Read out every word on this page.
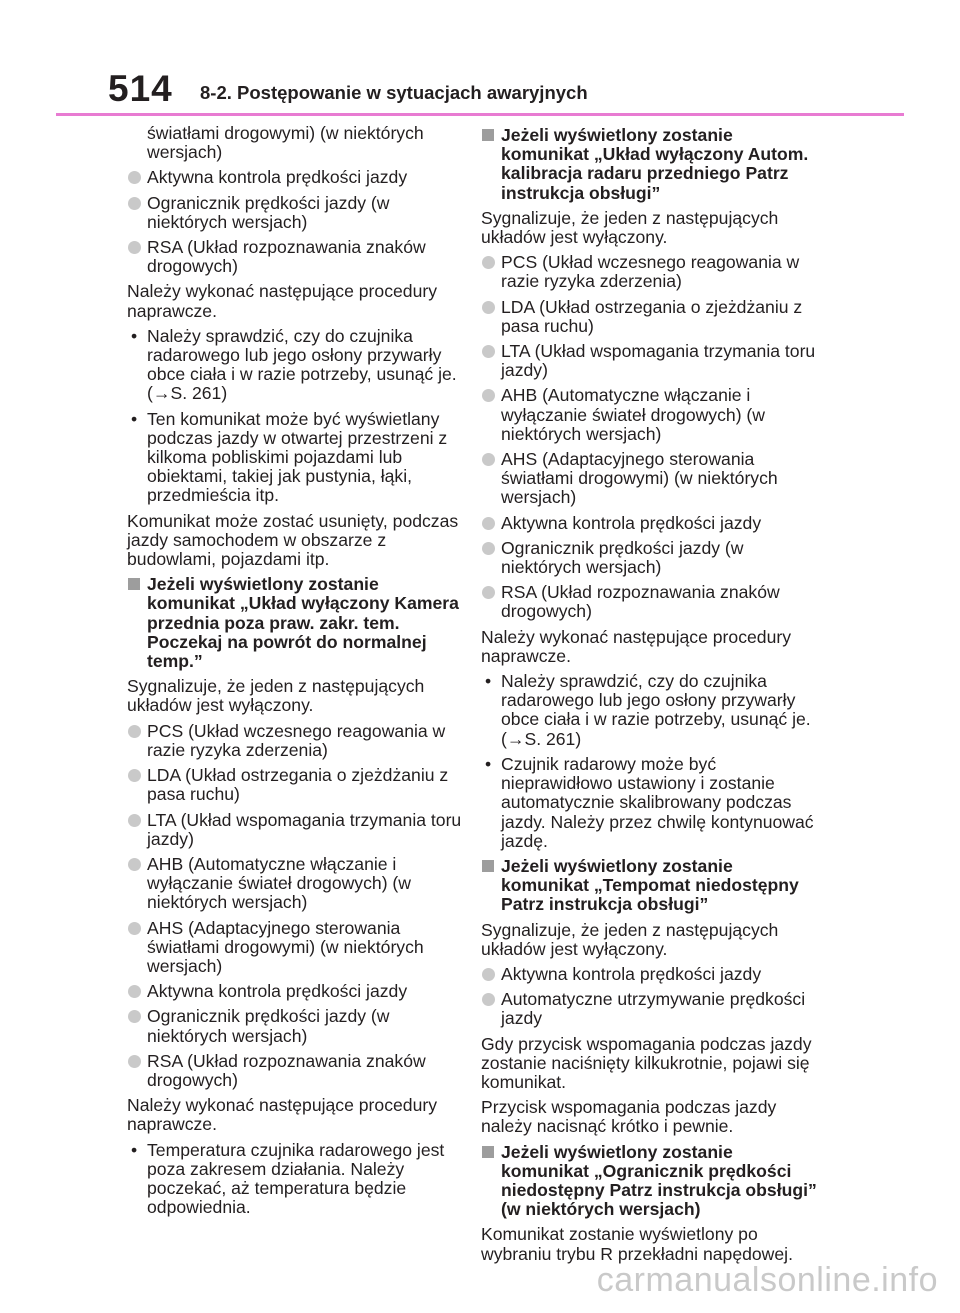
514 8-2. Postępowanie w sytuacjach awaryjnych
światłami drogowymi) (w niektórych wersjach)
Aktywna kontrola prędkości jazdy
Ogranicznik prędkości jazdy (w niektórych wersjach)
RSA (Układ rozpoznawania znaków drogowych)
Należy wykonać następujące procedury naprawcze.
• Należy sprawdzić, czy do czujnika radarowego lub jego osłony przywarły obce ciała i w razie potrzeby, usunąć je. (→S. 261)
• Ten komunikat może być wyświetlany podczas jazdy w otwartej przestrzeni z kilkoma pobliskimi pojazdami lub obiektami, takiej jak pustynia, łąki, przedmieścia itp.
Komunikat może zostać usunięty, podczas jazdy samochodem w obszarze z budowlami, pojazdami itp.
Jeżeli wyświetlony zostanie komunikat „Układ wyłączony Kamera przednia poza praw. zakr. tem. Poczekaj na powrót do normalnej temp.”
Sygnalizuje, że jeden z następujących układów jest wyłączony.
PCS (Układ wczesnego reagowania w razie ryzyka zderzenia)
LDA (Układ ostrzegania o zjeżdżaniu z pasa ruchu)
LTA (Układ wspomagania trzymania toru jazdy)
AHB (Automatyczne włączanie i wyłączanie świateł drogowych) (w niektórych wersjach)
AHS (Adaptacyjnego sterowania światłami drogowymi) (w niektórych wersjach)
Aktywna kontrola prędkości jazdy
Ogranicznik prędkości jazdy (w niektórych wersjach)
RSA (Układ rozpoznawania znaków drogowych)
Należy wykonać następujące procedury naprawcze.
• Temperatura czujnika radarowego jest poza zakresem działania. Należy poczekać, aż temperatura będzie odpowiednia.
Jeżeli wyświetlony zostanie komunikat „Układ wyłączony Autom. kalibracja radaru przedniego Patrz instrukcja obsługi”
Sygnalizuje, że jeden z następujących układów jest wyłączony.
PCS (Układ wczesnego reagowania w razie ryzyka zderzenia)
LDA (Układ ostrzegania o zjeżdżaniu z pasa ruchu)
LTA (Układ wspomagania trzymania toru jazdy)
AHB (Automatyczne włączanie i wyłączanie świateł drogowych) (w niektórych wersjach)
AHS (Adaptacyjnego sterowania światłami drogowymi) (w niektórych wersjach)
Aktywna kontrola prędkości jazdy
Ogranicznik prędkości jazdy (w niektórych wersjach)
RSA (Układ rozpoznawania znaków drogowych)
Należy wykonać następujące procedury naprawcze.
• Należy sprawdzić, czy do czujnika radarowego lub jego osłony przywarły obce ciała i w razie potrzeby, usunąć je. (→S. 261)
• Czujnik radarowy może być nieprawidłowo ustawiony i zostanie automatycznie skalibrowany podczas jazdy. Należy przez chwilę kontynuować jazdę.
Jeżeli wyświetlony zostanie komunikat „Tempomat niedostępny Patrz instrukcja obsługi”
Sygnalizuje, że jeden z następujących układów jest wyłączony.
Aktywna kontrola prędkości jazdy
Automatyczne utrzymywanie prędkości jazdy
Gdy przycisk wspomagania podczas jazdy zostanie naciśnięty kilkukrotnie, pojawi się komunikat.
Przycisk wspomagania podczas jazdy należy nacisnąć krótko i pewnie.
Jeżeli wyświetlony zostanie komunikat „Ogranicznik prędkości niedostępny Patrz instrukcja obsługi” (w niektórych wersjach)
Komunikat zostanie wyświetlony po wybraniu trybu R przekładni napędowej.
carmanualsonline.info
